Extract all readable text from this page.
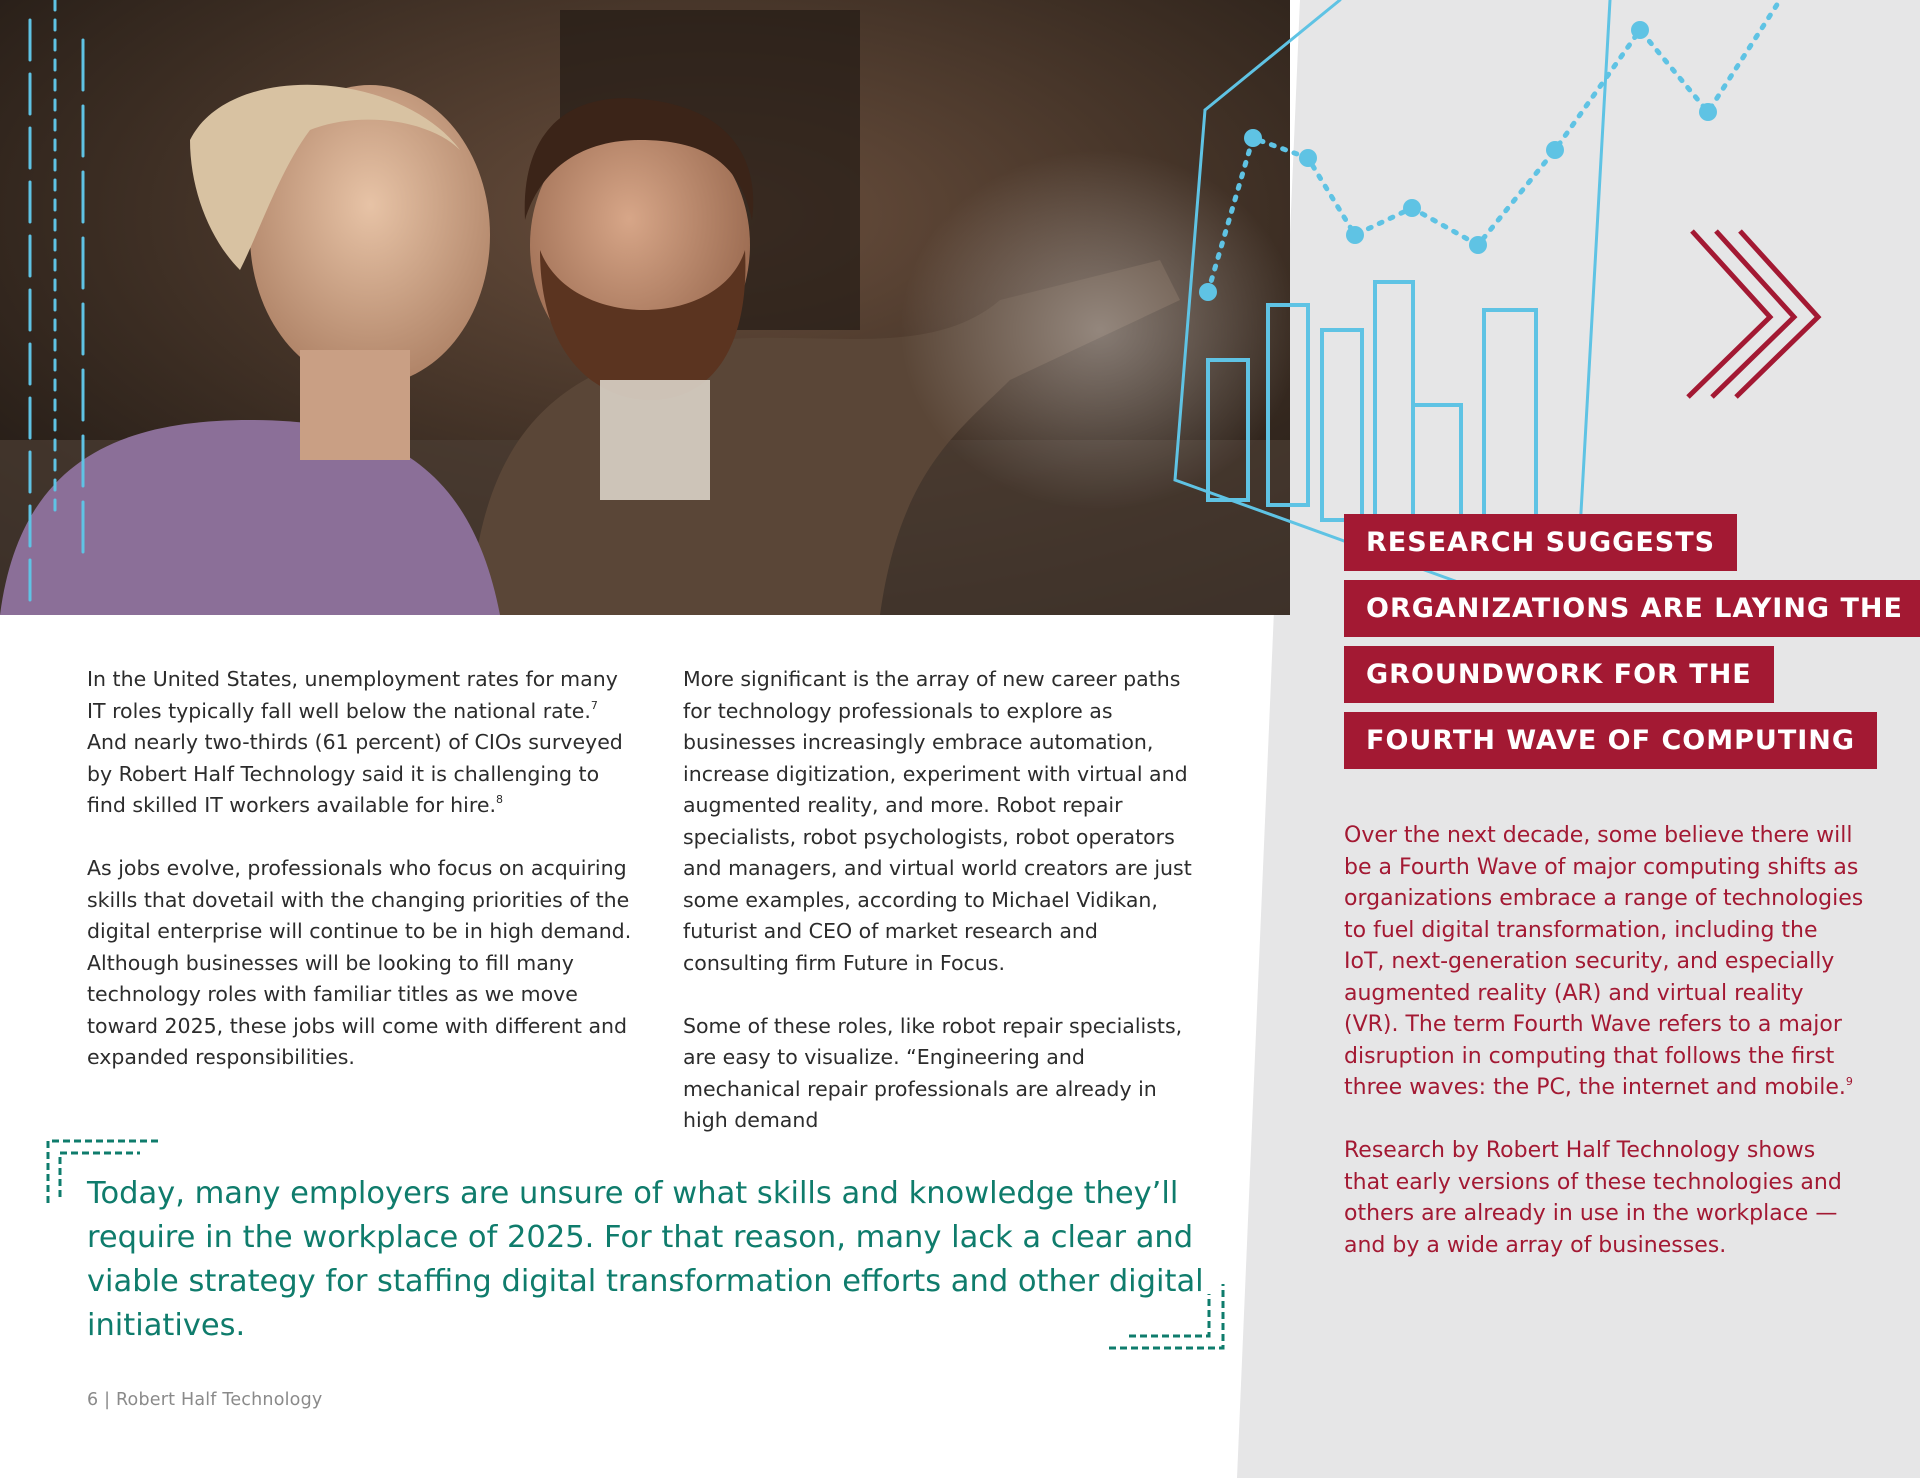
In the United States, unemployment rates for many IT roles typically fall well below the national rate.$^7$ And nearly two-thirds (61 percent) of CIOs surveyed by Robert Half Technology said it is challenging to find skilled IT workers available for hire.$^8$

As jobs evolve, professionals who focus on acquiring skills that dovetail with the changing priorities of the digital enterprise will continue to be in high demand. Although businesses will be looking to fill many technology roles with familiar titles as we move toward 2025, these jobs will come with different and expanded responsibilities.

More significant is the array of new career paths for technology professionals to explore as businesses increasingly embrace automation, increase digitization, experiment with virtual and augmented reality, and more. Robot repair specialists, robot psychologists, robot operators and managers, and virtual world creators are just some examples, according to Michael Vidikan, futurist and CEO of market research and consulting firm Future in Focus.

Some of these roles, like robot repair specialists, are easy to visualize. “Engineering and mechanical repair professionals are already in high demand

RESEARCH SUGGESTS
ORGANIZATIONS ARE LAYING THE
GROUNDWORK FOR THE
FOURTH WAVE OF COMPUTING

Over the next decade, some believe there will be a Fourth Wave of major computing shifts as organizations embrace a range of technologies to fuel digital transformation, including the IoT, next-generation security, and especially augmented reality (AR) and virtual reality (VR). The term Fourth Wave refers to a major disruption in computing that follows the first three waves: the PC, the internet and mobile.$^9$

Research by Robert Half Technology shows that early versions of these technologies and others are already in use in the workplace — and by a wide array of businesses.

Today, many employers are unsure of what skills and knowledge they’ll require in the workplace of 2025. For that reason, many lack a clear and viable strategy for staffing digital transformation efforts and other digital initiatives.
6 | Robert Half Technology
